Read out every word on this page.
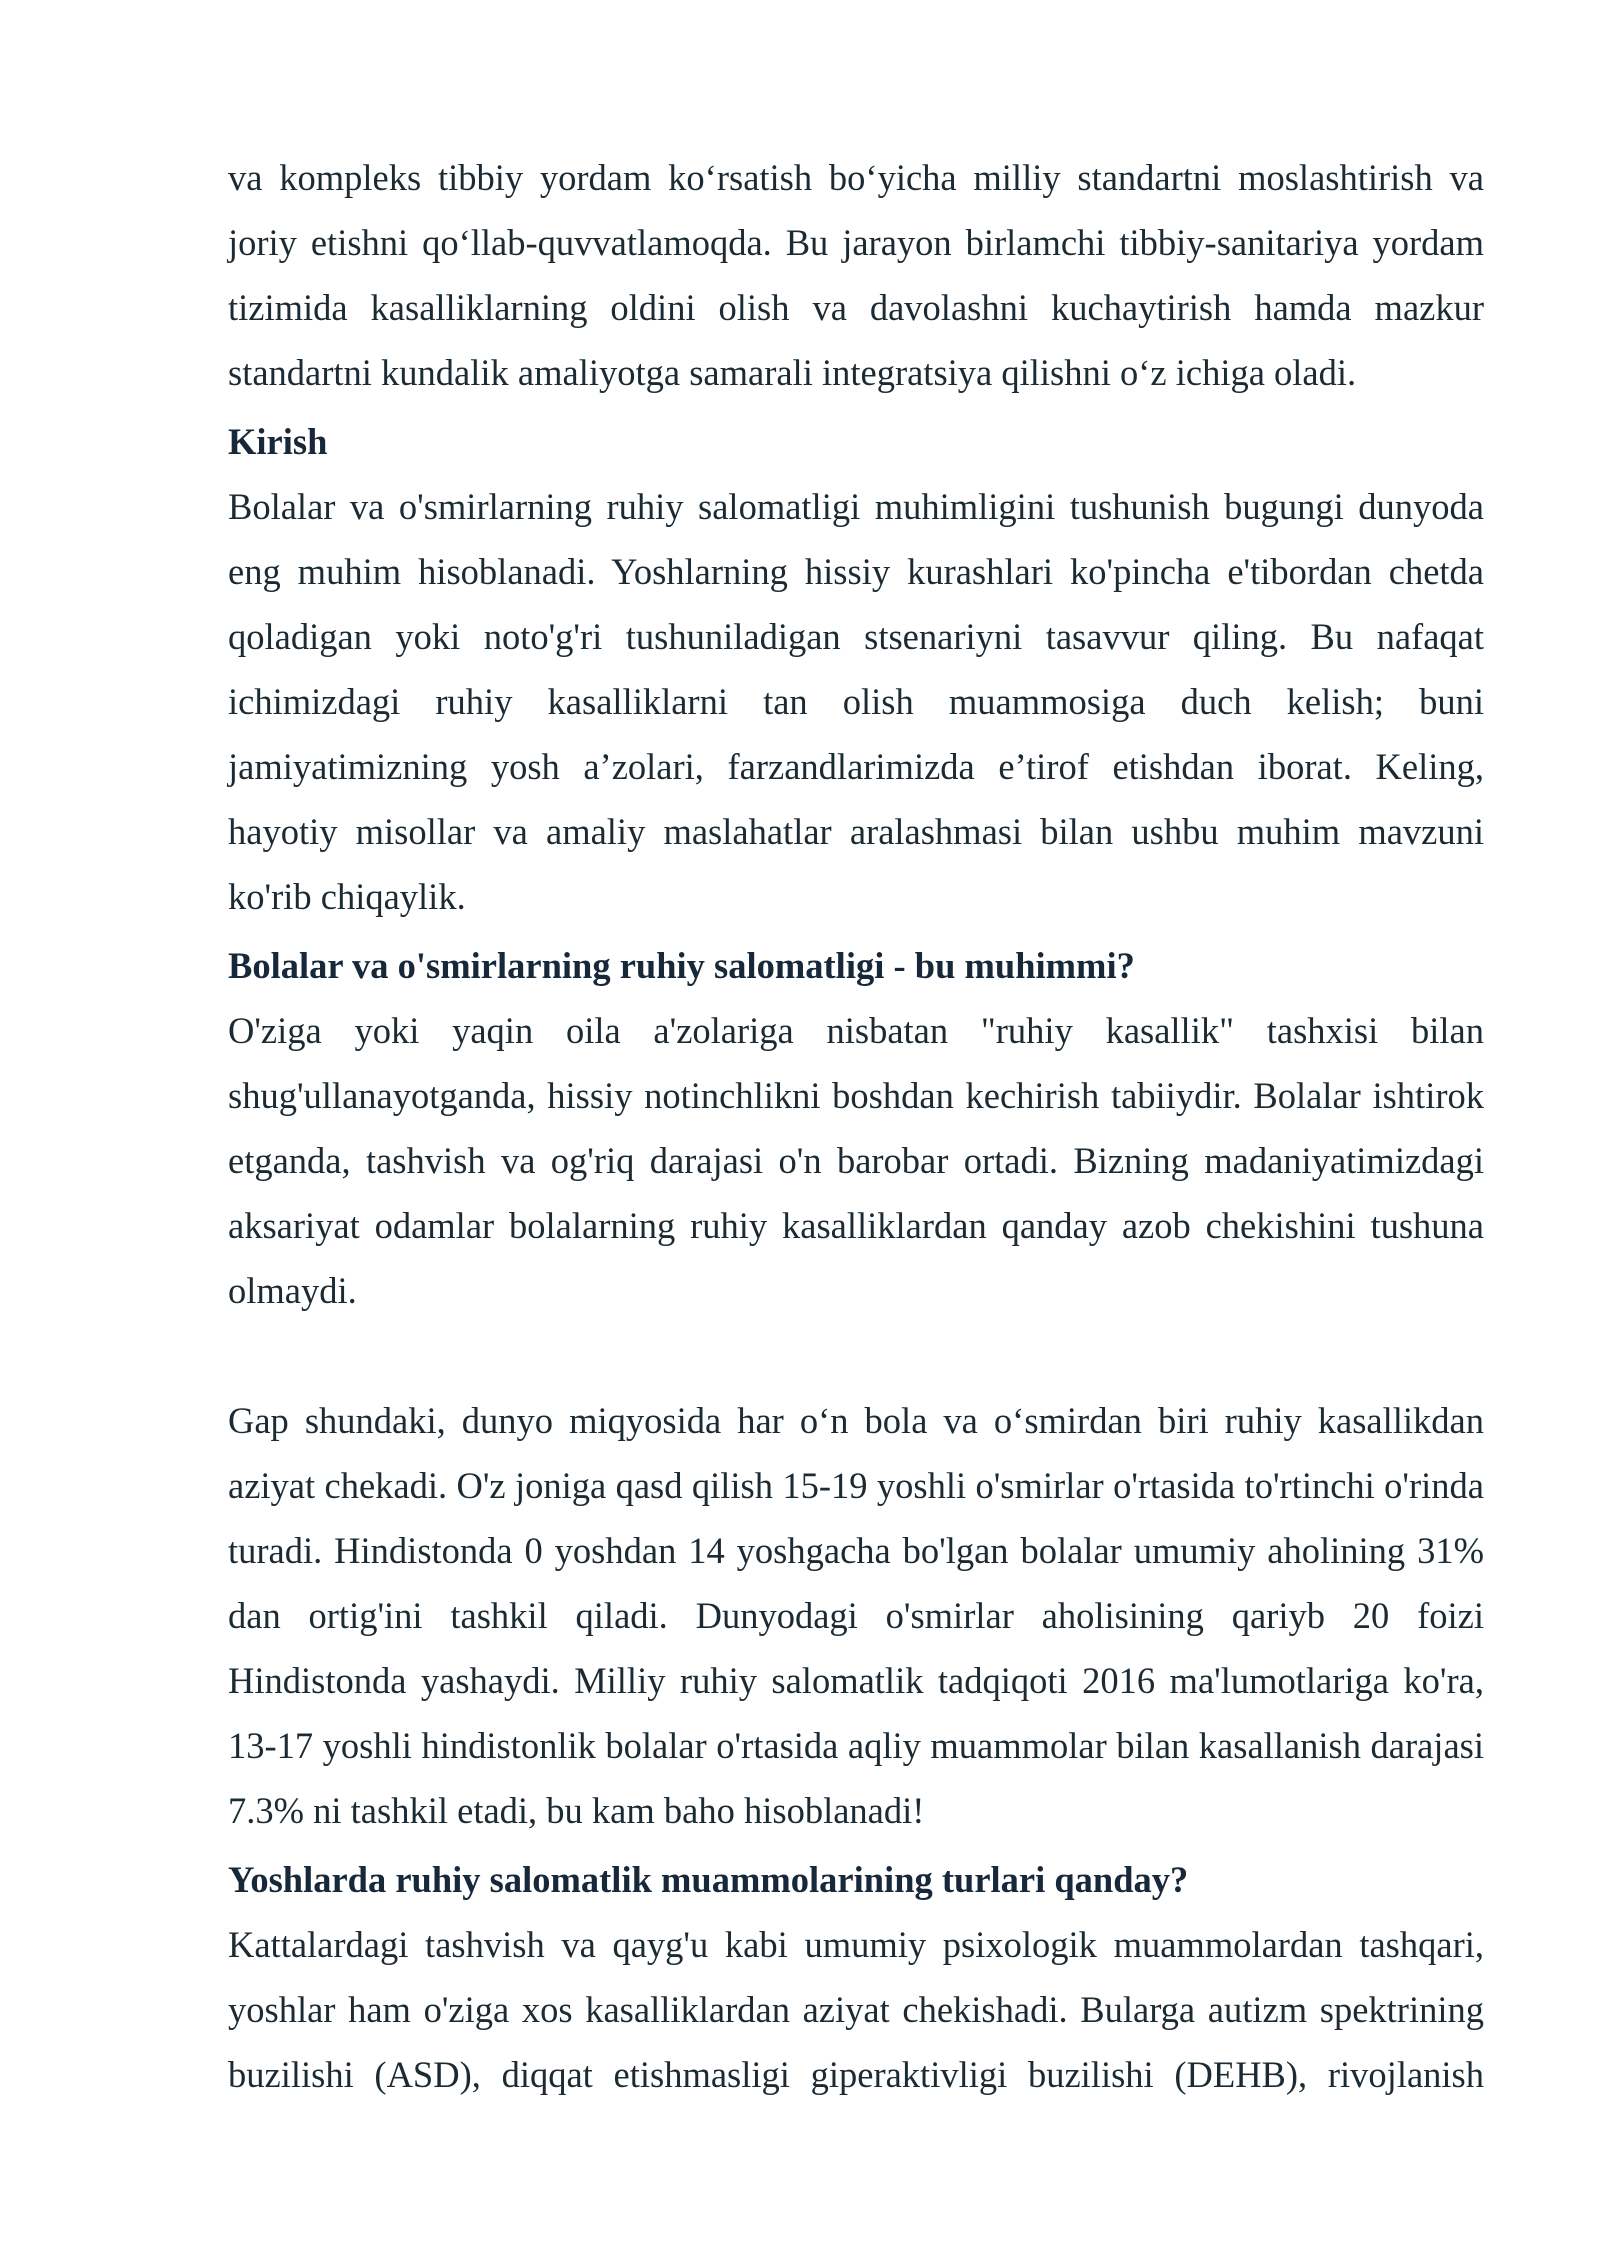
va kompleks tibbiy yordam koʻrsatish boʻyicha milliy standartni moslashtirish va joriy etishni qoʻllab-quvvatlamoqda. Bu jarayon birlamchi tibbiy-sanitariya yordam tizimida kasalliklarning oldini olish va davolashni kuchaytirish hamda mazkur standartni kundalik amaliyotga samarali integratsiya qilishni oʻz ichiga oladi.

Kirish

Bolalar va o'smirlarning ruhiy salomatligi muhimligini tushunish bugungi dunyoda eng muhim hisoblanadi. Yoshlarning hissiy kurashlari ko'pincha e'tibordan chetda qoladigan yoki noto'g'ri tushuniladigan stsenariyni tasavvur qiling. Bu nafaqat ichimizdagi ruhiy kasalliklarni tan olish muammosiga duch kelish; buni jamiyatimizning yosh a’zolari, farzandlarimizda e’tirof etishdan iborat. Keling, hayotiy misollar va amaliy maslahatlar aralashmasi bilan ushbu muhim mavzuni ko'rib chiqaylik.

Bolalar va o'smirlarning ruhiy salomatligi - bu muhimmi?

O'ziga yoki yaqin oila a'zolariga nisbatan "ruhiy kasallik" tashxisi bilan shug'ullanayotganda, hissiy notinchlikni boshdan kechirish tabiiydir. Bolalar ishtirok etganda, tashvish va og'riq darajasi o'n barobar ortadi. Bizning madaniyatimizdagi aksariyat odamlar bolalarning ruhiy kasalliklardan qanday azob chekishini tushuna olmaydi.

Gap shundaki, dunyo miqyosida har oʻn bola va oʻsmirdan biri ruhiy kasallikdan aziyat chekadi. O'z joniga qasd qilish 15-19 yoshli o'smirlar o'rtasida to'rtinchi o'rinda turadi. Hindistonda 0 yoshdan 14 yoshgacha bo'lgan bolalar umumiy aholining 31% dan ortig'ini tashkil qiladi. Dunyodagi o'smirlar aholisining qariyb 20 foizi Hindistonda yashaydi. Milliy ruhiy salomatlik tadqiqoti 2016 ma'lumotlariga ko'ra, 13-17 yoshli hindistonlik bolalar o'rtasida aqliy muammolar bilan kasallanish darajasi 7.3% ni tashkil etadi, bu kam baho hisoblanadi!

Yoshlarda ruhiy salomatlik muammolarining turlari qanday?

Kattalardagi tashvish va qayg'u kabi umumiy psixologik muammolardan tashqari, yoshlar ham o'ziga xos kasalliklardan aziyat chekishadi. Bularga autizm spektrining buzilishi (ASD), diqqat etishmasligi giperaktivligi buzilishi (DEHB), rivojlanish
